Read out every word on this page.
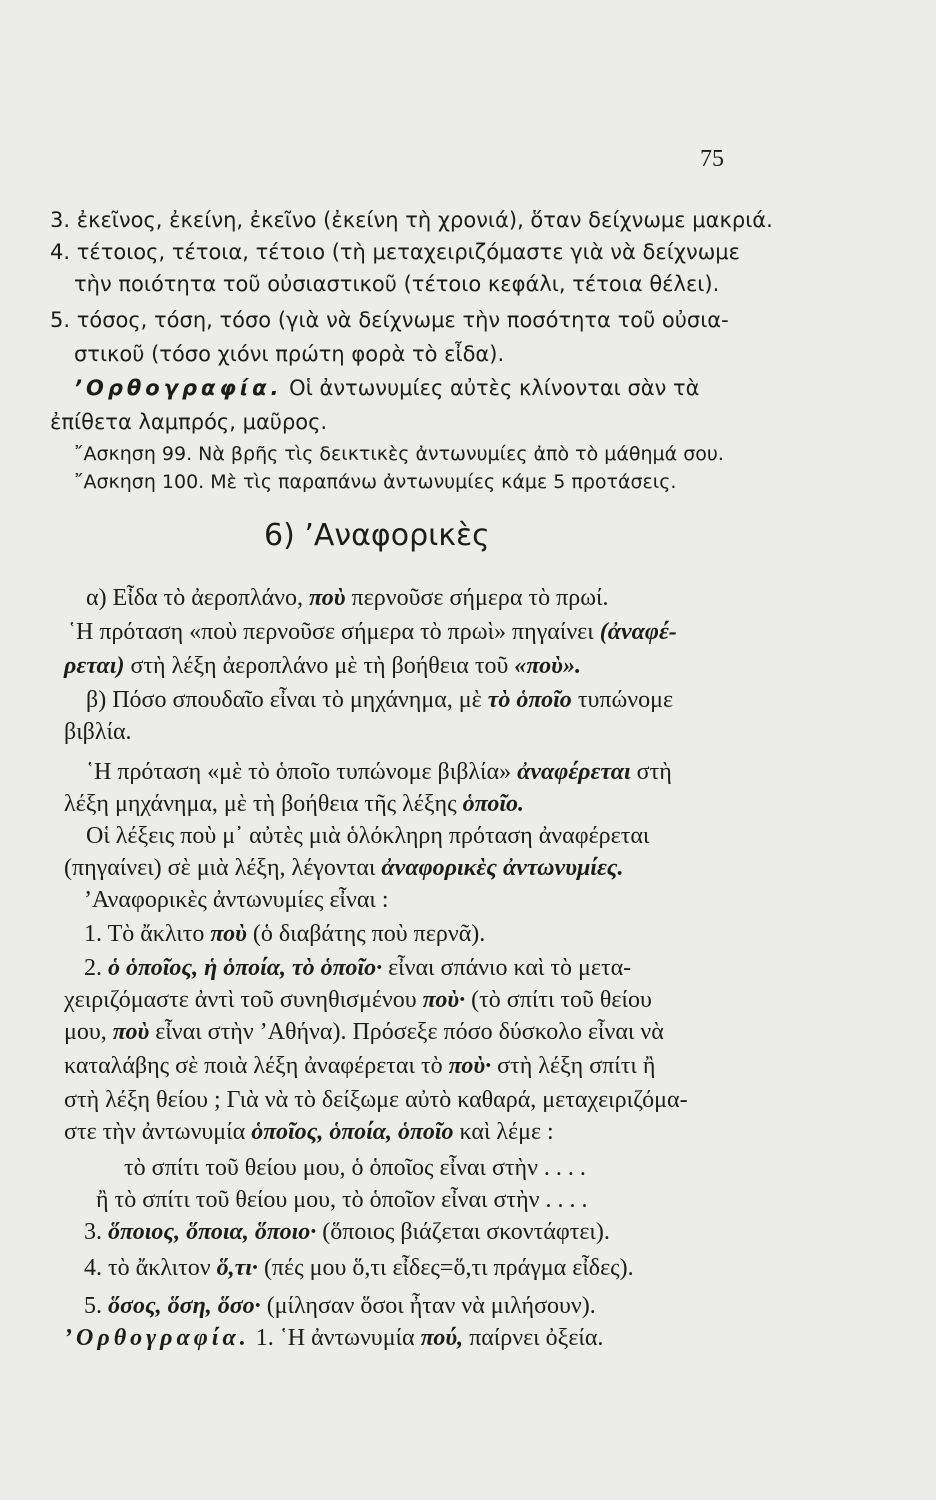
75
3. ἐκεῖνος, ἐκείνη, ἐκεῖνο (ἐκείνη τὴ χρονιά), ὅταν δείχνωμε μακριά.
4. τέτοιος, τέτοια, τέτοιο (τὴ μεταχειριζόμαστε γιὰ νὰ δείχνωμε
τὴν ποιότητα τοῦ οὐσιαστικοῦ (τέτοιο κεφάλι, τέτοια θέλει).
5. τόσος, τόση, τόσο (γιὰ νὰ δείχνωμε τὴν ποσότητα τοῦ οὐσια-
στικοῦ (τόσο χιόνι πρώτη φορὰ τὸ εἶδα).
’Ορθογραφία. Οἱ ἀντωνυμίες αὐτὲς κλίνονται σὰν τὰ
ἐπίθετα λαμπρός, μαῦρος.
῎Ασκηση 99. Νὰ βρῆς τὶς δεικτικὲς ἀντωνυμίες ἀπὸ τὸ μάθημά σου.
῎Ασκηση 100. Μὲ τὶς παραπάνω ἀντωνυμίες κάμε 5 προτάσεις.
6) ’Αναφορικὲς
α) Εἶδα τὸ ἀεροπλάνο, ποὺ περνοῦσε σήμερα τὸ πρωί.
῾Η πρόταση «ποὺ περνοῦσε σήμερα τὸ πρωὶ» πηγαίνει (ἀναφέ-
ρεται) στὴ λέξη ἀεροπλάνο μὲ τὴ βοήθεια τοῦ «ποὺ».
β) Πόσο σπουδαῖο εἶναι τὸ μηχάνημα, μὲ τὸ ὁποῖο τυπώνομε
βιβλία.
῾Η πρόταση «μὲ τὸ ὁποῖο τυπώνομε βιβλία» ἀναφέρεται στὴ
λέξη μηχάνημα, μὲ τὴ βοήθεια τῆς λέξης ὁποῖο.
Οἱ λέξεις ποὺ μ᾽ αὐτὲς μιὰ ὁλόκληρη πρόταση ἀναφέρεται
(πηγαίνει) σὲ μιὰ λέξη, λέγονται ἀναφορικὲς ἀντωνυμίες.
’Αναφορικὲς ἀντωνυμίες εἶναι :
1. Τὸ ἄκλιτο ποὺ (ὁ διαβάτης ποὺ περνᾶ).
2. ὁ ὁποῖος, ἡ ὁποία, τὸ ὁποῖο· εἶναι σπάνιο καὶ τὸ μετα-
χειριζόμαστε ἀντὶ τοῦ συνηθισμένου ποὺ· (τὸ σπίτι τοῦ θείου
μου, ποὺ εἶναι στὴν ’Αθήνα). Πρόσεξε πόσο δύσκολο εἶναι νὰ
καταλάβης σὲ ποιὰ λέξη ἀναφέρεται τὸ ποὺ· στὴ λέξη σπίτι ἢ
στὴ λέξη θείου ; Γιὰ νὰ τὸ δείξωμε αὐτὸ καθαρά, μεταχειριζόμα-
στε τὴν ἀντωνυμία ὁποῖος, ὁποία, ὁποῖο καὶ λέμε :
τὸ σπίτι τοῦ θείου μου, ὁ ὁποῖος εἶναι στὴν . . . .
ἢ τὸ σπίτι τοῦ θείου μου, τὸ ὁποῖον εἶναι στὴν . . . .
3. ὅποιος, ὅποια, ὅποιο· (ὅποιος βιάζεται σκοντάφτει).
4. τὸ ἄκλιτον ὅ,τι· (πές μου ὅ,τι εἶδες=ὅ,τι πράγμα εἶδες).
5. ὅσος, ὅση, ὅσο· (μίλησαν ὅσοι ἦταν νὰ μιλήσουν).
’Ορθογραφία. 1. ῾Η ἀντωνυμία πού, παίρνει ὀξεία.
